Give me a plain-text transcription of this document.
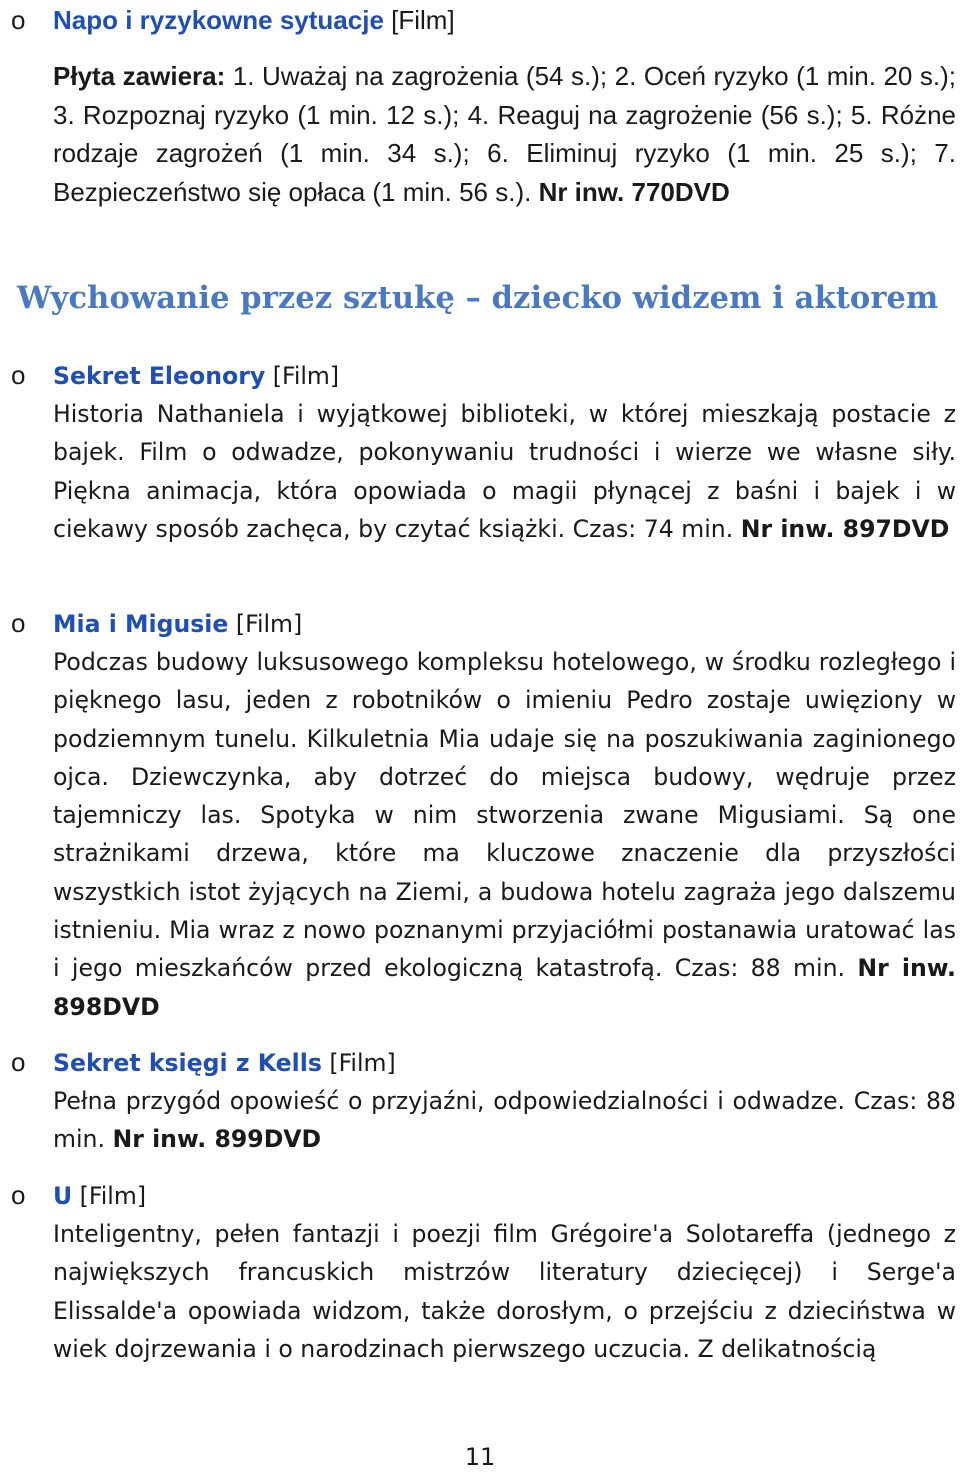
o Napo i ryzykowne sytuacje [Film]
Płyta zawiera: 1. Uważaj na zagrożenia (54 s.); 2. Oceń ryzyko (1 min. 20 s.); 3. Rozpoznaj ryzyko (1 min. 12 s.); 4. Reaguj na zagrożenie (56 s.); 5. Różne rodzaje zagrożeń (1 min. 34 s.); 6. Eliminuj ryzyko (1 min. 25 s.); 7. Bezpieczeństwo się opłaca (1 min. 56 s.). Nr inw. 770DVD
Wychowanie przez sztukę – dziecko widzem i aktorem
o Sekret Eleonory [Film]
Historia Nathaniela i wyjątkowej biblioteki, w której mieszkają postacie z bajek. Film o odwadze, pokonywaniu trudności i wierze we własne siły. Piękna animacja, która opowiada o magii płynącej z baśni i bajek i w ciekawy sposób zachęca, by czytać książki. Czas: 74 min. Nr inw. 897DVD
o Mia i Migusie [Film]
Podczas budowy luksusowego kompleksu hotelowego, w środku rozległego i pięknego lasu, jeden z robotników o imieniu Pedro zostaje uwięziony w podziemnym tunelu. Kilkuletnia Mia udaje się na poszukiwania zaginionego ojca. Dziewczynka, aby dotrzeć do miejsca budowy, wędruje przez tajemniczy las. Spotyka w nim stworzenia zwane Migusiami. Są one strażnikami drzewa, które ma kluczowe znaczenie dla przyszłości wszystkich istot żyjących na Ziemi, a budowa hotelu zagraża jego dalszemu istnieniu. Mia wraz z nowo poznanymi przyjaciółmi postanawia uratować las i jego mieszkańców przed ekologiczną katastrofą. Czas: 88 min. Nr inw. 898DVD
o Sekret księgi z Kells [Film]
Pełna przygód opowieść o przyjaźni, odpowiedzialności i odwadze. Czas: 88 min. Nr inw. 899DVD
o U [Film]
Inteligentny, pełen fantazji i poezji film Grégoire'a Solotareffa (jednego z największych francuskich mistrzów literatury dziecięcej) i Serge'a Elissalde'a opowiada widzom, także dorosłym, o przejściu z dzieciństwa w wiek dojrzewania i o narodzinach pierwszego uczucia. Z delikatnością
11
